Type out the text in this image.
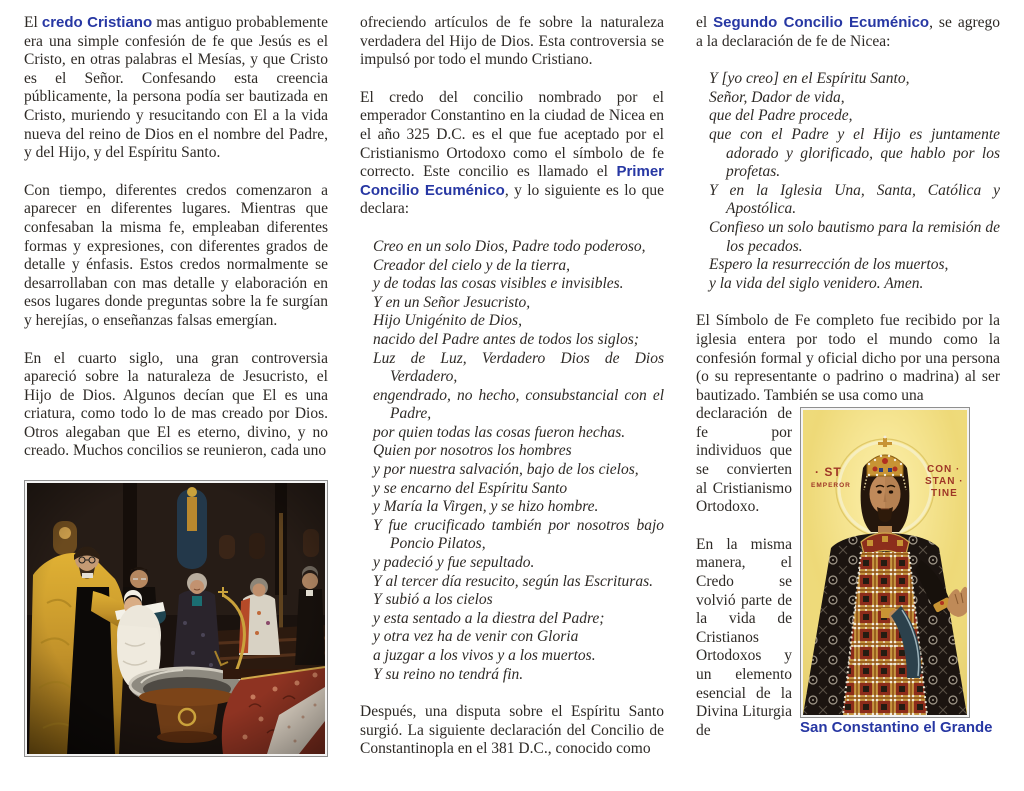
El credo Cristiano mas antiguo probablemente era una simple confesión de fe que Jesús es el Cristo, en otras palabras el Mesías, y que Cristo es el Señor. Confesando esta creencia públicamente, la persona podía ser bautizada en Cristo, muriendo y resucitando con El a la vida nueva del reino de Dios en el nombre del Padre, y del Hijo, y del Espíritu Santo.
Con tiempo, diferentes credos comenzaron a aparecer en diferentes lugares. Mientras que confesaban la misma fe, empleaban diferentes formas y expresiones, con diferentes grados de detalle y énfasis. Estos credos normalmente se desarrollaban con mas detalle y elaboración en esos lugares donde preguntas sobre la fe surgían y herejías, o enseñanzas falsas emergían.
En el cuarto siglo, una gran controversia apareció sobre la naturaleza de Jesucristo, el Hijo de Dios. Algunos decían que El es una criatura, como todo lo de mas creado por Dios. Otros alegaban que El es eterno, divino, y no creado. Muchos concilios se reunieron, cada uno
ofreciendo artículos de fe sobre la naturaleza verdadera del Hijo de Dios. Esta controversia se impulsó por todo el mundo Cristiano.
El credo del concilio nombrado por el emperador Constantino en la ciudad de Nicea en el año 325 D.C. es el que fue aceptado por el Cristianismo Ortodoxo como el símbolo de fe correcto. Este concilio es llamado el Primer Concilio Ecuménico, y lo siguiente es lo que declara:
Creo en un solo Dios, Padre todo poderoso,
Creador del cielo y de la tierra,
y de todas las cosas visibles e invisibles.
Y en un Señor Jesucristo,
Hijo Unigénito de Dios,
nacido del Padre antes de todos los siglos;
Luz de Luz, Verdadero Dios de Dios Verdadero,
engendrado, no hecho, consubstancial con el Padre,
por quien todas las cosas fueron hechas.
Quien por nosotros los hombres
y por nuestra salvación, bajo de los cielos,
y se encarno del Espíritu Santo
y María la Virgen, y se hizo hombre.
Y fue crucificado también por nosotros bajo Poncio Pilatos,
y padeció y fue sepultado.
Y al tercer día resucito, según las Escrituras.
Y subió a los cielos
y esta sentado a la diestra del Padre;
y otra vez ha de venir con Gloria
a juzgar a los vivos y a los muertos.
Y su reino no tendrá fin.
Después, una disputa sobre el Espíritu Santo surgió. La siguiente declaración del Concilio de Constantinopla en el 381 D.C., conocido como
el Segundo Concilio Ecuménico, se agrego a la declaración de fe de Nicea:
Y [yo creo] en el Espíritu Santo,
Señor, Dador de vida,
que del Padre procede,
que con el Padre y el Hijo es juntamente adorado y glorificado, que hablo por los profetas.
Y en la Iglesia Una, Santa, Católica y Apostólica.
Confieso un solo bautismo para la remisión de los pecados.
Espero la resurrección de los muertos,
y la vida del siglo venidero. Amen.
El Símbolo de Fe completo fue recibido por la iglesia entera por todo el mundo como la confesión formal y oficial dicho por una persona (o su representante o padrino o madrina) al ser bautizado. También se usa como una
· ST
EMPEROR
CON ·
STAN ·
TINE
San Constantino el Grande
declaración de fe por individuos que se convierten al Cristianismo Ortodoxo.
En la misma manera, el Credo se volvió parte de la vida de Cristianos Ortodoxos y un elemento esencial de la Divina Liturgia de
